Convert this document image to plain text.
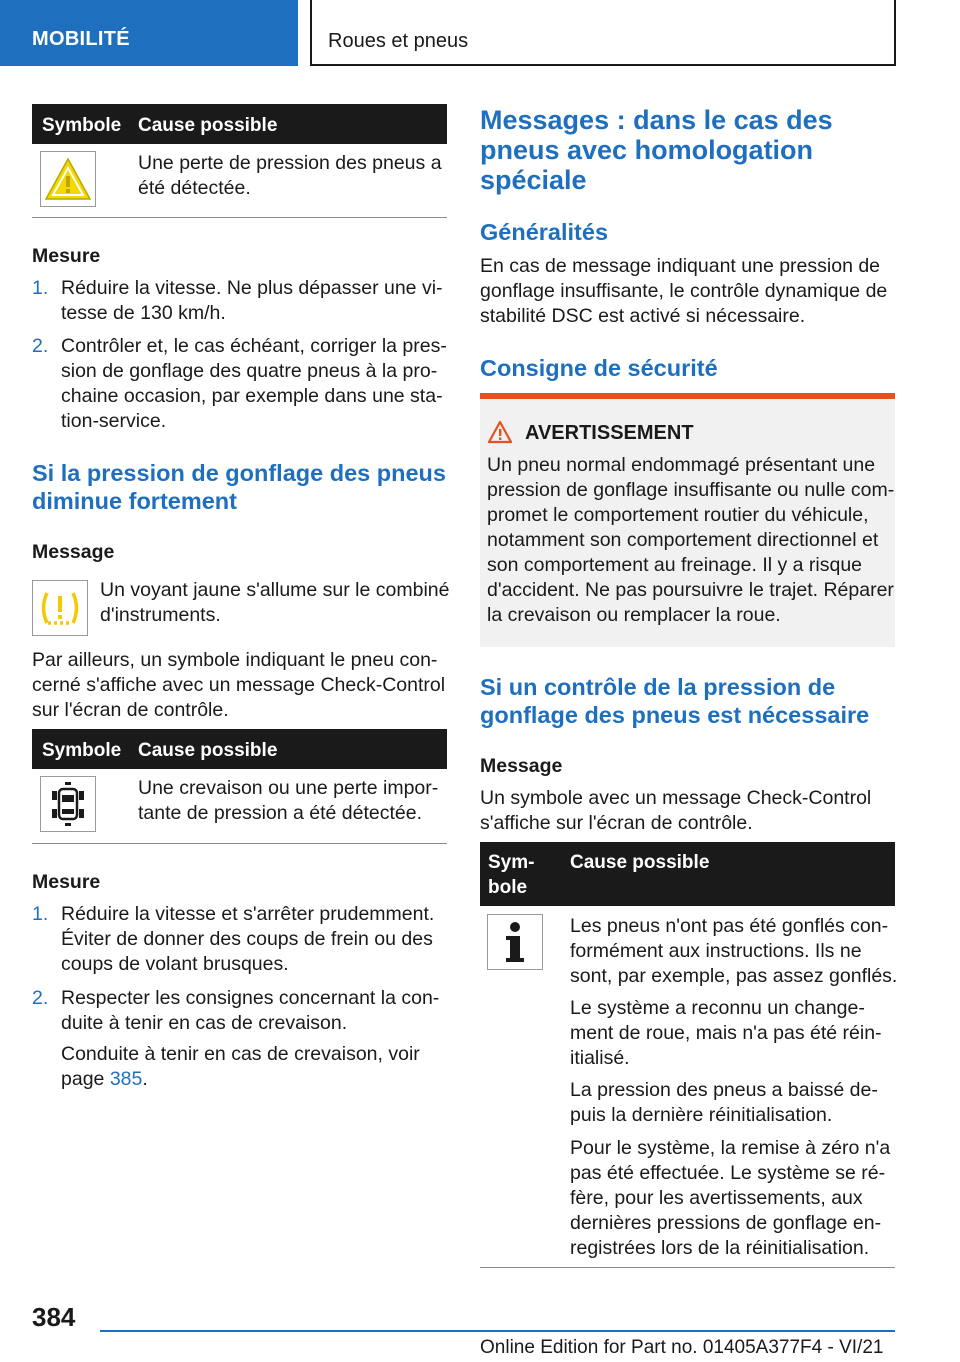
MOBILITÉ	Roues et pneus
Symbole Cause possible
Une perte de pression des pneus a été détectée.
Mesure
1. Réduire la vitesse. Ne plus dépasser une vi-
tesse de 130 km/h.
2. Contrôler et, le cas échéant, corriger la pres-
sion de gonflage des quatre pneus à la pro-
chaine occasion, par exemple dans une sta-
tion-service.
Si la pression de gonflage des pneus
diminue fortement
Message
Un voyant jaune s'allume sur le combiné
d'instruments.
Par ailleurs, un symbole indiquant le pneu con-
cerné s'affiche avec un message Check-Control
sur l'écran de contrôle.
Symbole Cause possible
Une crevaison ou une perte impor-
tante de pression a été détectée.
Mesure
1. Réduire la vitesse et s'arrêter prudemment.
Éviter de donner des coups de frein ou des
coups de volant brusques.
2. Respecter les consignes concernant la con-
duite à tenir en cas de crevaison.
Conduite à tenir en cas de crevaison, voir
page 385.
Messages : dans le cas des
pneus avec homologation
spéciale
Généralités
En cas de message indiquant une pression de
gonflage insuffisante, le contrôle dynamique de
stabilité DSC est activé si nécessaire.
Consigne de sécurité
AVERTISSEMENT
Un pneu normal endommagé présentant une
pression de gonflage insuffisante ou nulle com-
promet le comportement routier du véhicule,
notamment son comportement directionnel et
son comportement au freinage. Il y a risque
d'accident. Ne pas poursuivre le trajet. Réparer
la crevaison ou remplacer la roue.
Si un contrôle de la pression de
gonflage des pneus est nécessaire
Message
Un symbole avec un message Check-Control
s'affiche sur l'écran de contrôle.
Sym-
bole
Cause possible
Les pneus n'ont pas été gonflés con-
formément aux instructions. Ils ne
sont, par exemple, pas assez gonflés.
Le système a reconnu un change-
ment de roue, mais n'a pas été réin-
itialisé.
La pression des pneus a baissé de-
puis la dernière réinitialisation.
Pour le système, la remise à zéro n'a
pas été effectuée. Le système se ré-
fère, pour les avertissements, aux
dernières pressions de gonflage en-
registrées lors de la réinitialisation.
384
Online Edition for Part no. 01405A377F4 - VI/21
